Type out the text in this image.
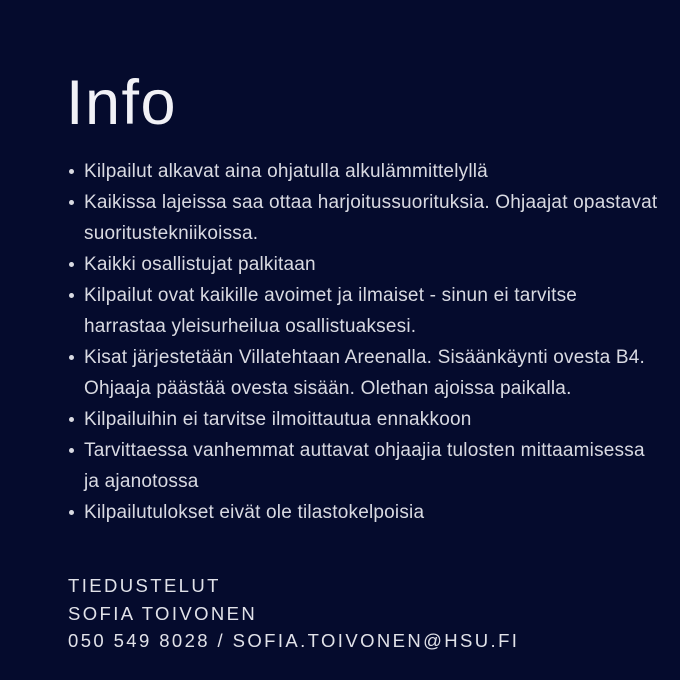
Info
Kilpailut alkavat aina ohjatulla alkulämmittelyllä
Kaikissa lajeissa saa ottaa harjoitussuorituksia. Ohjaajat opastavat suoritustekniikoissa.
Kaikki osallistujat palkitaan
Kilpailut ovat kaikille avoimet ja ilmaiset - sinun ei tarvitse harrastaa yleisurheilua osallistuaksesi.
Kisat järjestetään Villatehtaan Areenalla. Sisäänkäynti ovesta B4. Ohjaaja päästää ovesta sisään. Olethan ajoissa paikalla.
Kilpailuihin ei tarvitse ilmoittautua ennakkoon
Tarvittaessa vanhemmat auttavat ohjaajia tulosten mittaamisessa ja ajanotossa
Kilpailutulokset eivät ole tilastokelpoisia
TIEDUSTELUT
SOFIA TOIVONEN
050 549 8028 / SOFIA.TOIVONEN@HSU.FI
